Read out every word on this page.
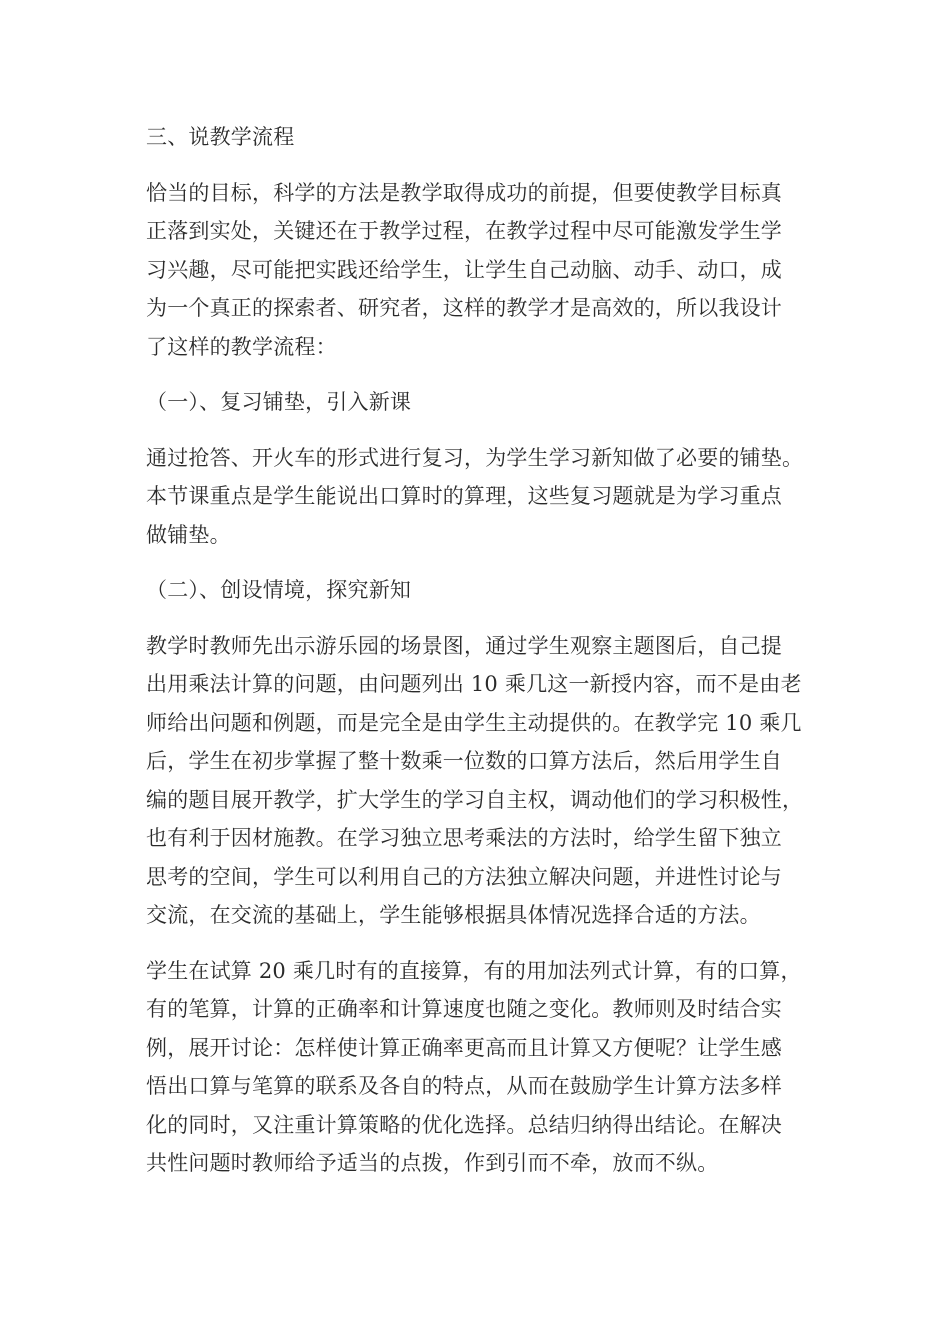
三、说教学流程
恰当的目标，科学的方法是教学取得成功的前提，但要使教学目标真
正落到实处，关键还在于教学过程，在教学过程中尽可能激发学生学
习兴趣，尽可能把实践还给学生，让学生自己动脑、动手、动口，成
为一个真正的探索者、研究者，这样的教学才是高效的，所以我设计
了这样的教学流程：
（一）、复习铺垫，引入新课
通过抢答、开火车的形式进行复习，为学生学习新知做了必要的铺垫。
本节课重点是学生能说出口算时的算理，这些复习题就是为学习重点
做铺垫。
（二）、创设情境，探究新知
教学时教师先出示游乐园的场景图，通过学生观察主题图后，自己提
出用乘法计算的问题，由问题列出 10 乘几这一新授内容，而不是由老
师给出问题和例题，而是完全是由学生主动提供的。在教学完 10 乘几
后，学生在初步掌握了整十数乘一位数的口算方法后，然后用学生自
编的题目展开教学，扩大学生的学习自主权，调动他们的学习积极性，
也有利于因材施教。在学习独立思考乘法的方法时，给学生留下独立
思考的空间，学生可以利用自己的方法独立解决问题，并进性讨论与
交流，在交流的基础上，学生能够根据具体情况选择合适的方法。
学生在试算 20 乘几时有的直接算，有的用加法列式计算，有的口算，
有的笔算，计算的正确率和计算速度也随之变化。教师则及时结合实
例，展开讨论：怎样使计算正确率更高而且计算又方便呢？让学生感
悟出口算与笔算的联系及各自的特点，从而在鼓励学生计算方法多样
化的同时，又注重计算策略的优化选择。总结归纳得出结论。在解决
共性问题时教师给予适当的点拨，作到引而不牵，放而不纵。
